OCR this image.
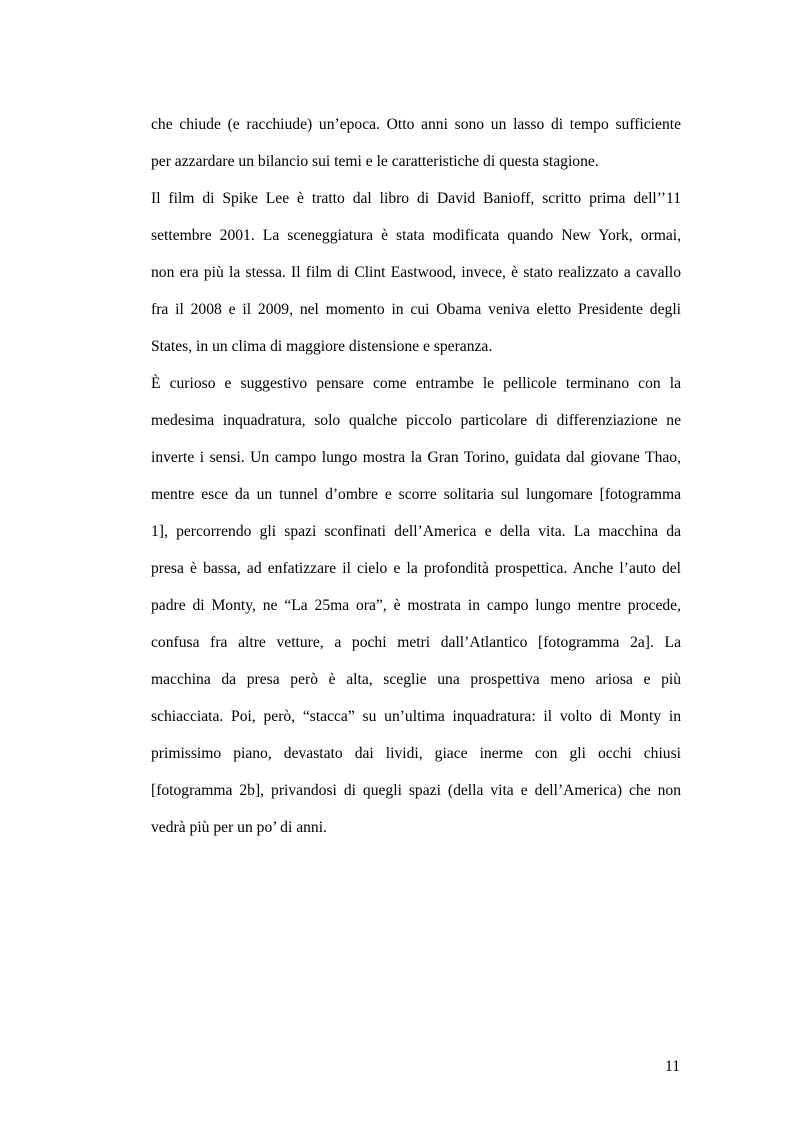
che chiude (e racchiude) un’epoca. Otto anni sono un lasso di tempo sufficiente
per azzardare un bilancio sui temi e le caratteristiche di questa stagione.
Il film di Spike Lee è tratto dal libro di David Banioff, scritto prima dell’’11
settembre 2001. La sceneggiatura è stata modificata quando New York, ormai,
non era più la stessa. Il film di Clint Eastwood, invece, è stato realizzato a cavallo
fra il 2008 e il 2009, nel momento in cui Obama veniva eletto Presidente degli
States, in un clima di maggiore distensione e speranza.
È curioso e suggestivo pensare come entrambe le pellicole terminano con la
medesima inquadratura, solo qualche piccolo particolare di differenziazione ne
inverte i sensi. Un campo lungo mostra la Gran Torino, guidata dal giovane Thao,
mentre esce da un tunnel d’ombre e scorre solitaria sul lungomare [fotogramma
1], percorrendo gli spazi sconfinati dell’America e della vita. La macchina da
presa è bassa, ad enfatizzare il cielo e la profondità prospettica. Anche l’auto del
padre di Monty, ne “La 25ma ora”, è mostrata in campo lungo mentre procede,
confusa fra altre vetture, a pochi metri dall’Atlantico [fotogramma 2a]. La
macchina da presa però è alta, sceglie una prospettiva meno ariosa e più
schiacciata. Poi, però, “stacca” su un’ultima inquadratura: il volto di Monty in
primissimo piano, devastato dai lividi, giace inerme con gli occhi chiusi
[fotogramma 2b], privandosi di quegli spazi (della vita e dell’America) che non
vedrà più per un po’ di anni.
11
